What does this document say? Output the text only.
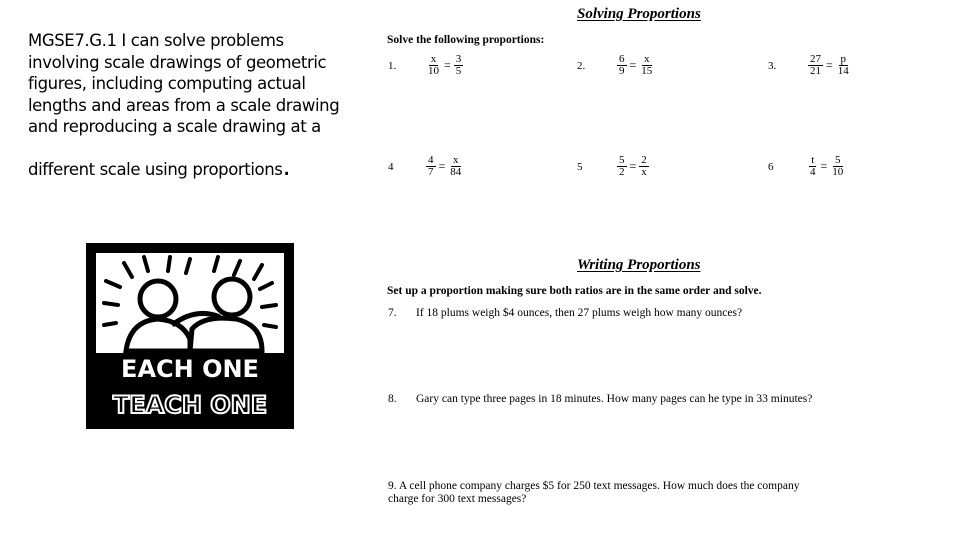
MGSE7.G.1 I can solve problems
involving scale drawings of geometric
figures, including computing actual
lengths and areas from a scale drawing
and reproducing a scale drawing at a
different scale using proportions.
EACH ONE
TEACH ONE
Solving Proportions
Solve the following proportions:
1.	$\frac{x}{10} = \frac{3}{5}$	2.	$\frac{6}{9} = \frac{x}{15}$	3.	$\frac{27}{21} = \frac{p}{14}$
4	$\frac{4}{7} = \frac{x}{84}$	5	$\frac{5}{2} = \frac{2}{x}$	6	$\frac{t}{4} = \frac{5}{10}$
Writing Proportions
Set up a proportion making sure both ratios are in the same order and solve.
7. If 18 plums weigh $4 ounces, then 27 plums weigh how many ounces?
8. Gary can type three pages in 18 minutes. How many pages can he type in 33 minutes?
9. A cell phone company charges $5 for 250 text messages. How much does the company
charge for 300 text messages?
